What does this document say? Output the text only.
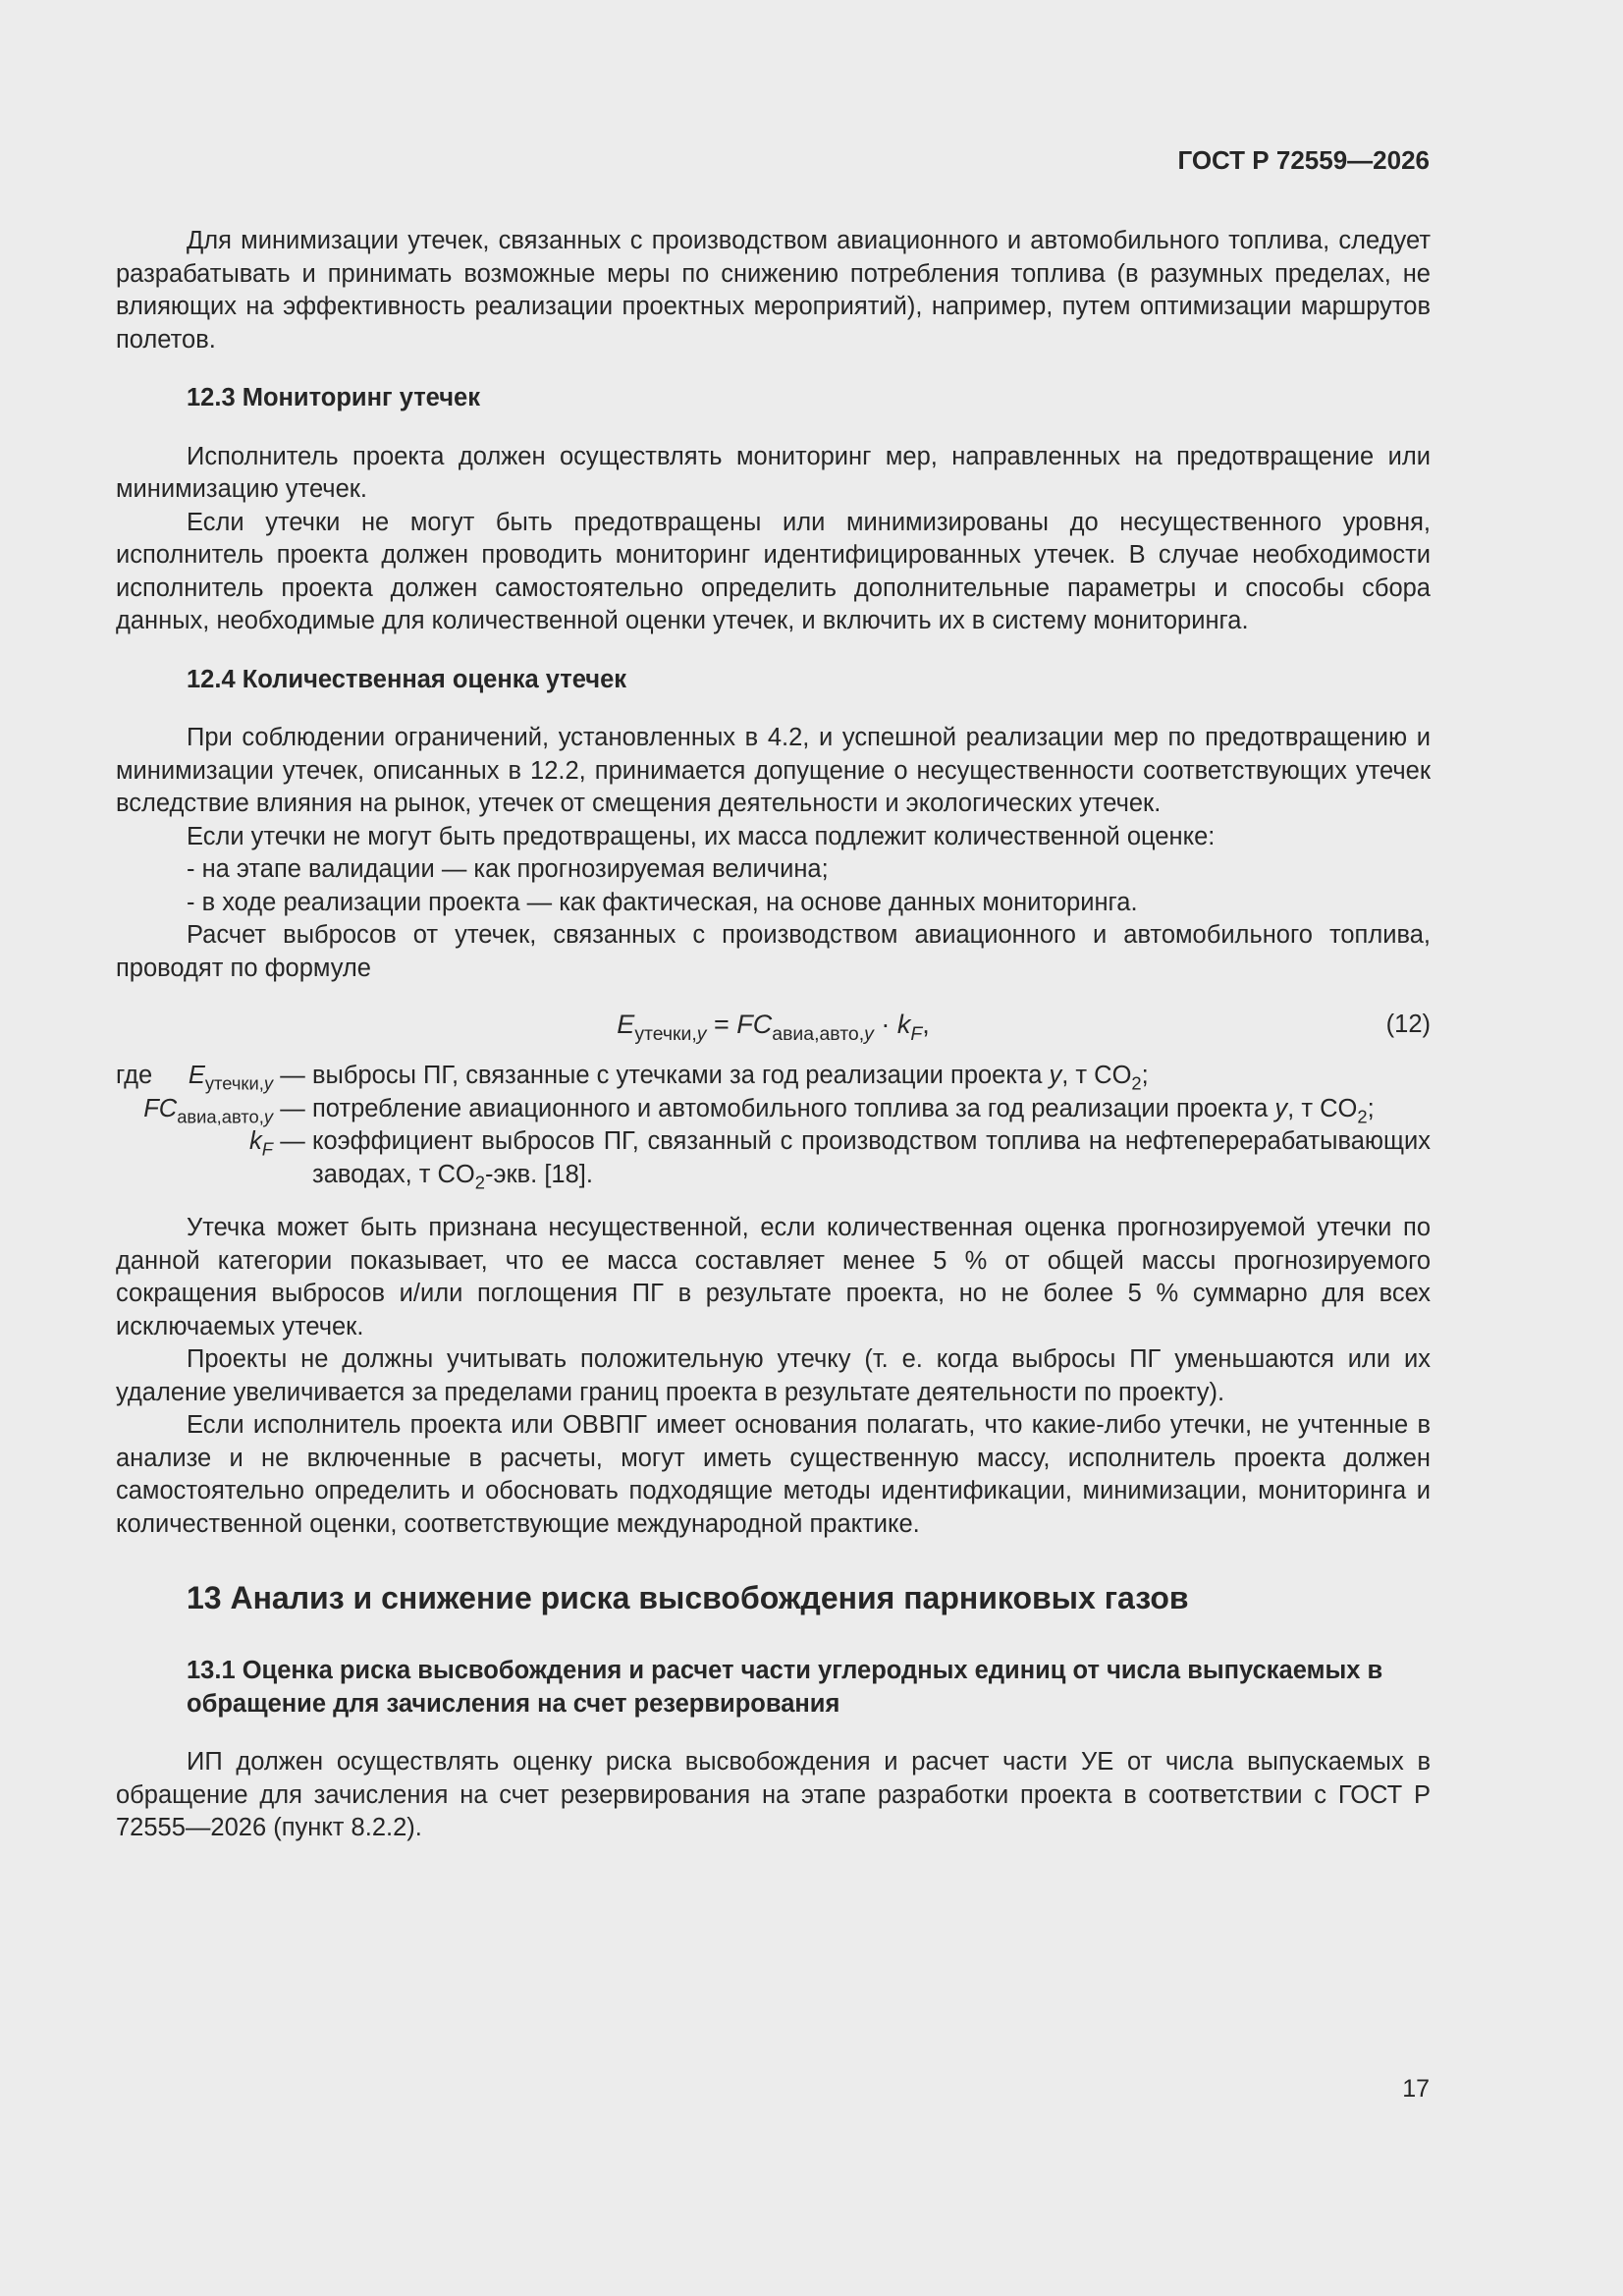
ГОСТ Р 72559—2026

Для минимизации утечек, связанных с производством авиационного и автомобильного топлива, следует разрабатывать и принимать возможные меры по снижению потребления топлива (в разумных пределах, не влияющих на эффективность реализации проектных мероприятий), например, путем оптимизации маршрутов полетов.

12.3 Мониторинг утечек

Исполнитель проекта должен осуществлять мониторинг мер, направленных на предотвращение или минимизацию утечек.

Если утечки не могут быть предотвращены или минимизированы до несущественного уровня, исполнитель проекта должен проводить мониторинг идентифицированных утечек. В случае необходимости исполнитель проекта должен самостоятельно определить дополнительные параметры и способы сбора данных, необходимые для количественной оценки утечек, и включить их в систему мониторинга.

12.4 Количественная оценка утечек

При соблюдении ограничений, установленных в 4.2, и успешной реализации мер по предотвращению и минимизации утечек, описанных в 12.2, принимается допущение о несущественности соответствующих утечек вследствие влияния на рынок, утечек от смещения деятельности и экологических утечек.

Если утечки не могут быть предотвращены, их масса подлежит количественной оценке:

- на этапе валидации — как прогнозируемая величина;
- в ходе реализации проекта — как фактическая, на основе данных мониторинга.

Расчет выбросов от утечек, связанных с производством авиационного и автомобильного топлива, проводят по формуле

$E_{утечки,y} = FC_{авиа,авто,y} \cdot k_F$,	(12)
где $E_{утечки,y}$ — выбросы ПГ, связанные с утечками за год реализации проекта y, т $CO_2$;
$FC_{авиа,авто,y}$ — потребление авиационного и автомобильного топлива за год реализации проекта y, т $CO_2$;
$k_F$ — коэффициент выбросов ПГ, связанный с производством топлива на нефтеперерабатывающих заводах, т $CO_2$-экв. [18].

Утечка может быть признана несущественной, если количественная оценка прогнозируемой утечки по данной категории показывает, что ее масса составляет менее 5 % от общей массы прогнозируемого сокращения выбросов и/или поглощения ПГ в результате проекта, но не более 5 % суммарно для всех исключаемых утечек.

Проекты не должны учитывать положительную утечку (т. е. когда выбросы ПГ уменьшаются или их удаление увеличивается за пределами границ проекта в результате деятельности по проекту).

Если исполнитель проекта или ОВВПГ имеет основания полагать, что какие-либо утечки, не учтенные в анализе и не включенные в расчеты, могут иметь существенную массу, исполнитель проекта должен самостоятельно определить и обосновать подходящие методы идентификации, минимизации, мониторинга и количественной оценки, соответствующие международной практике.

13 Анализ и снижение риска высвобождения парниковых газов
13.1 Оценка риска высвобождения и расчет части углеродных единиц от числа выпускаемых в обращение для зачисления на счет резервирования

ИП должен осуществлять оценку риска высвобождения и расчет части УЕ от числа выпускаемых в обращение для зачисления на счет резервирования на этапе разработки проекта в соответствии с ГОСТ Р 72555—2026 (пункт 8.2.2).

17
